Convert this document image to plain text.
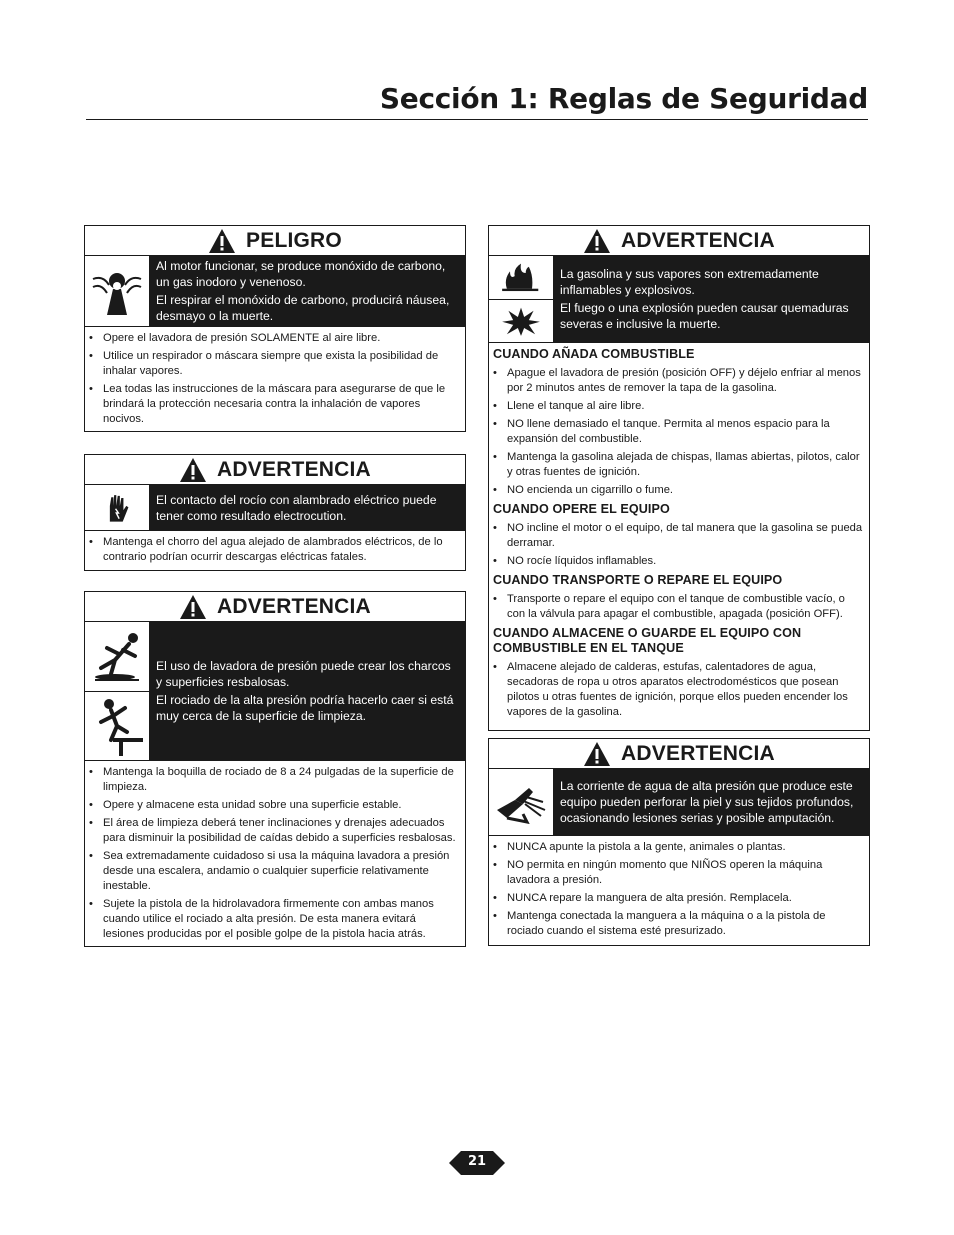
Sección 1: Reglas de Seguridad
PELIGRO

Al motor funcionar, se produce monóxido de carbono, un gas inodoro y venenoso.

El respirar el monóxido de carbono, producirá náusea, desmayo o la muerte.

• Opere el lavadora de presión SOLAMENTE al aire libre.
• Utilice un respirador o máscara siempre que exista la posibilidad de inhalar vapores.
• Lea todas las instrucciones de la máscara para asegurarse de que le brindará la protección necesaria contra la inhalación de vapores nocivos.
ADVERTENCIA

El contacto del rocío con alambrado eléctrico puede tener como resultado electrocution.

• Mantenga el chorro del agua alejado de alambrados eléctricos, de lo contrario podrían ocurrir descargas eléctricas fatales.
ADVERTENCIA

El uso de lavadora de presión puede crear los charcos y superficies resbalosas.

El rociado de la alta presión podría hacerlo caer si está muy cerca de la superficie de limpieza.

• Mantenga la boquilla de rociado de 8 a 24 pulgadas de la superficie de limpieza.
• Opere y almacene esta unidad sobre una superficie estable.
• El área de limpieza deberá tener inclinaciones y drenajes adecuados para disminuir la posibilidad de caídas debido a superficies resbalosas.
• Sea extremadamente cuidadoso si usa la máquina lavadora a presión desde una escalera, andamio o cualquier superficie relativamente inestable.
• Sujete la pistola de la hidrolavadora firmemente con ambas manos cuando utilice el rociado a alta presión. De esta manera evitará lesiones producidas por el posible golpe de la pistola hacia atrás.
ADVERTENCIA

La gasolina y sus vapores son extremadamente inflamables y explosivos.

El fuego o una explosión pueden causar quemaduras severas e inclusive la muerte.

CUANDO AÑADA COMBUSTIBLE
• Apague el lavadora de presión (posición OFF) y déjelo enfriar al menos por 2 minutos antes de remover la tapa de la gasolina.
• Llene el tanque al aire libre.
• NO llene demasiado el tanque. Permita al menos espacio para la expansión del combustible.
• Mantenga la gasolina alejada de chispas, llamas abiertas, pilotos, calor y otras fuentes de ignición.
• NO encienda un cigarrillo o fume.
CUANDO OPERE EL EQUIPO
• NO incline el motor o el equipo, de tal manera que la gasolina se pueda derramar.
• NO rocíe líquidos inflamables.
CUANDO TRANSPORTE O REPARE EL EQUIPO
• Transporte o repare el equipo con el tanque de combustible vacío, o con la válvula para apagar el combustible, apagada (posición OFF).
CUANDO ALMACENE O GUARDE EL EQUIPO CON COMBUSTIBLE EN EL TANQUE
• Almacene alejado de calderas, estufas, calentadores de agua, secadoras de ropa u otros aparatos electrodomésticos que posean pilotos u otras fuentes de ignición, porque ellos pueden encender los vapores de la gasolina.
ADVERTENCIA

La corriente de agua de alta presión que produce este equipo pueden perforar la piel y sus tejidos profundos, ocasionando lesiones serias y posible amputación.

• NUNCA apunte la pistola a la gente, animales o plantas.
• NO permita en ningún momento que NIÑOS operen la máquina lavadora a presión.
• NUNCA repare la manguera de alta presión. Remplacela.
• Mantenga conectada la manguera a la máquina o a la pistola de rociado cuando el sistema esté presurizado.
21
